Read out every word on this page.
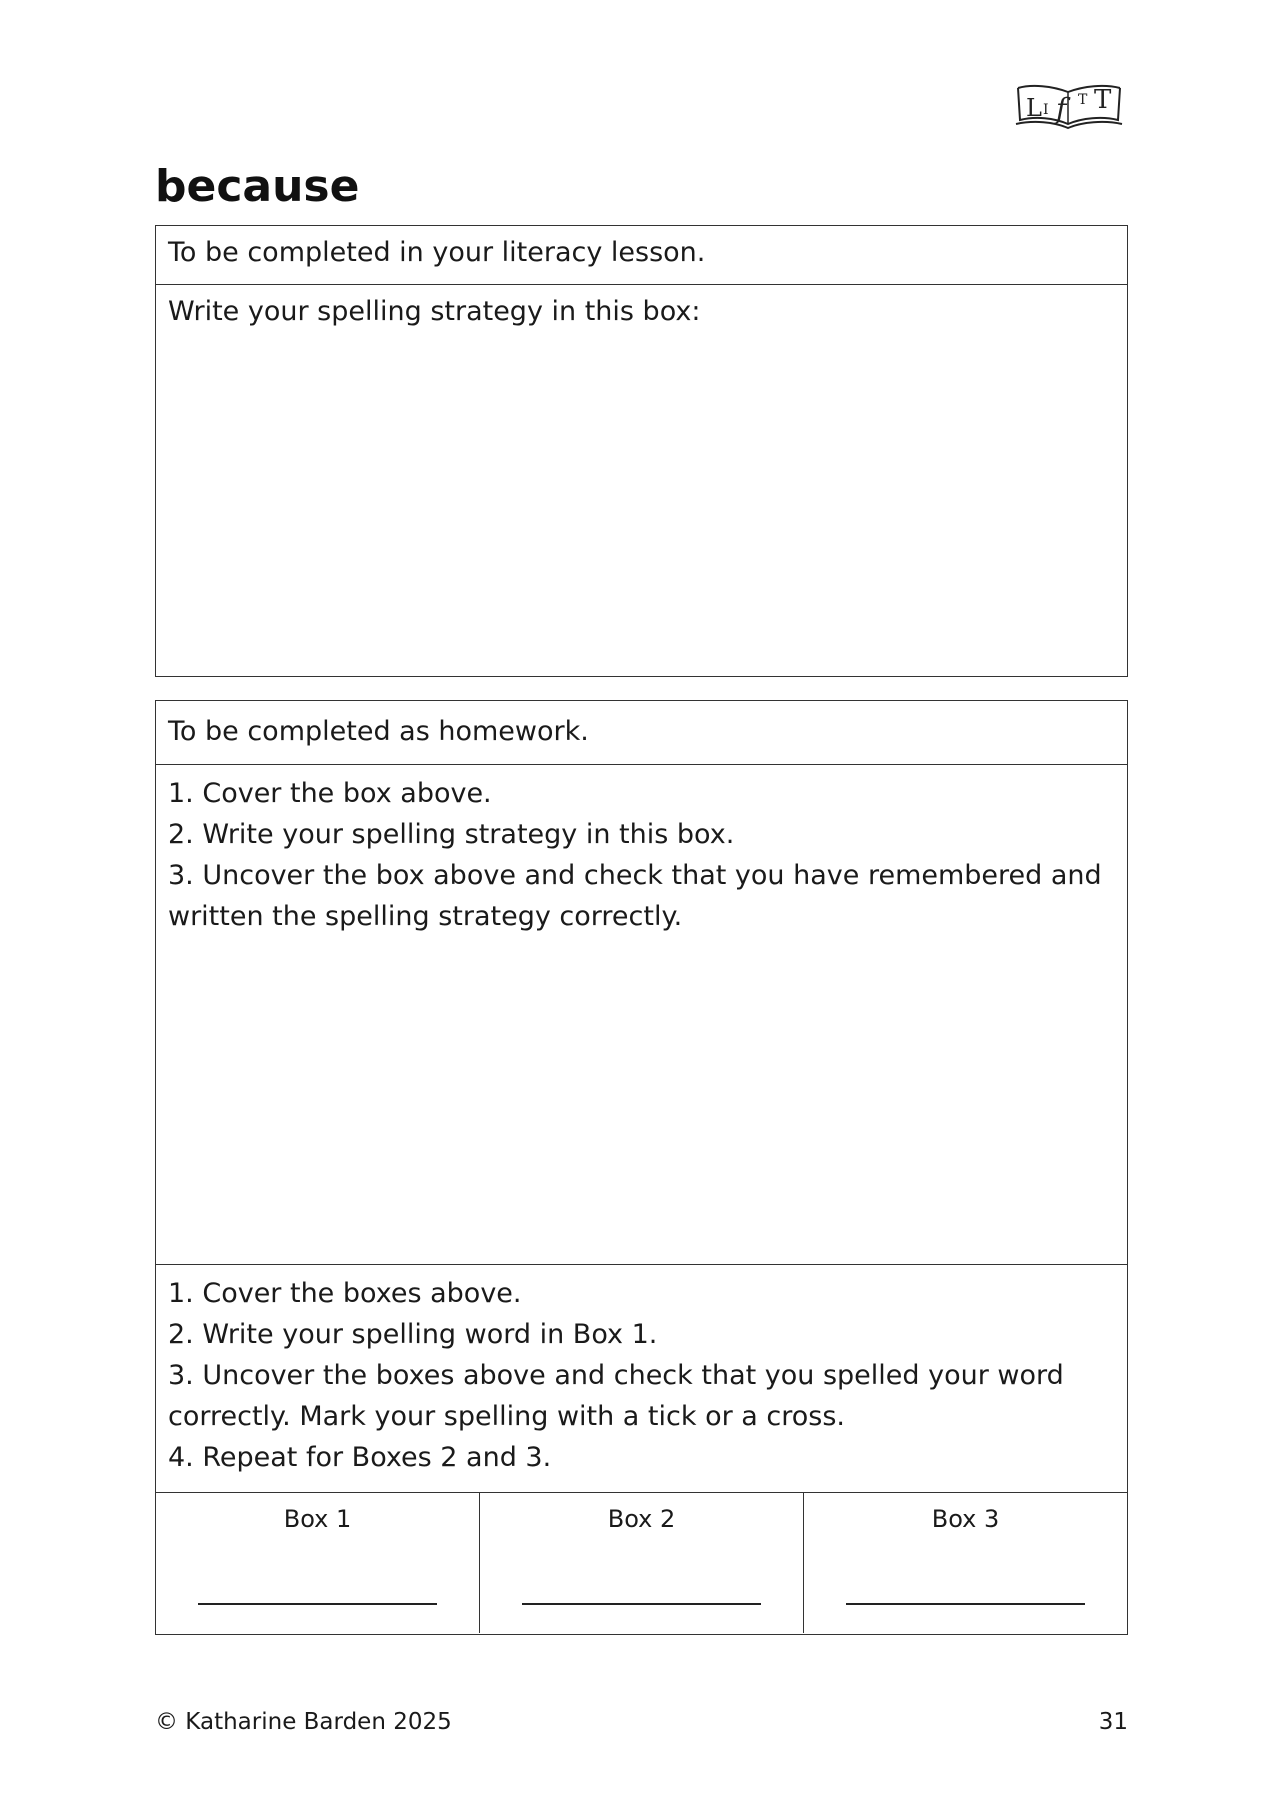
L I f T T
because

To be completed in your literacy lesson.

Write your spelling strategy in this box:

To be completed as homework.

1. Cover the box above.
2. Write your spelling strategy in this box.
3. Uncover the box above and check that you have remembered and written the spelling strategy correctly.
1. Cover the boxes above.
2. Write your spelling word in Box 1.
3. Uncover the boxes above and check that you spelled your word correctly. Mark your spelling with a tick or a cross.
4. Repeat for Boxes 2 and 3.
Box 1	Box 2	Box 3
© Katharine Barden 2025	31
